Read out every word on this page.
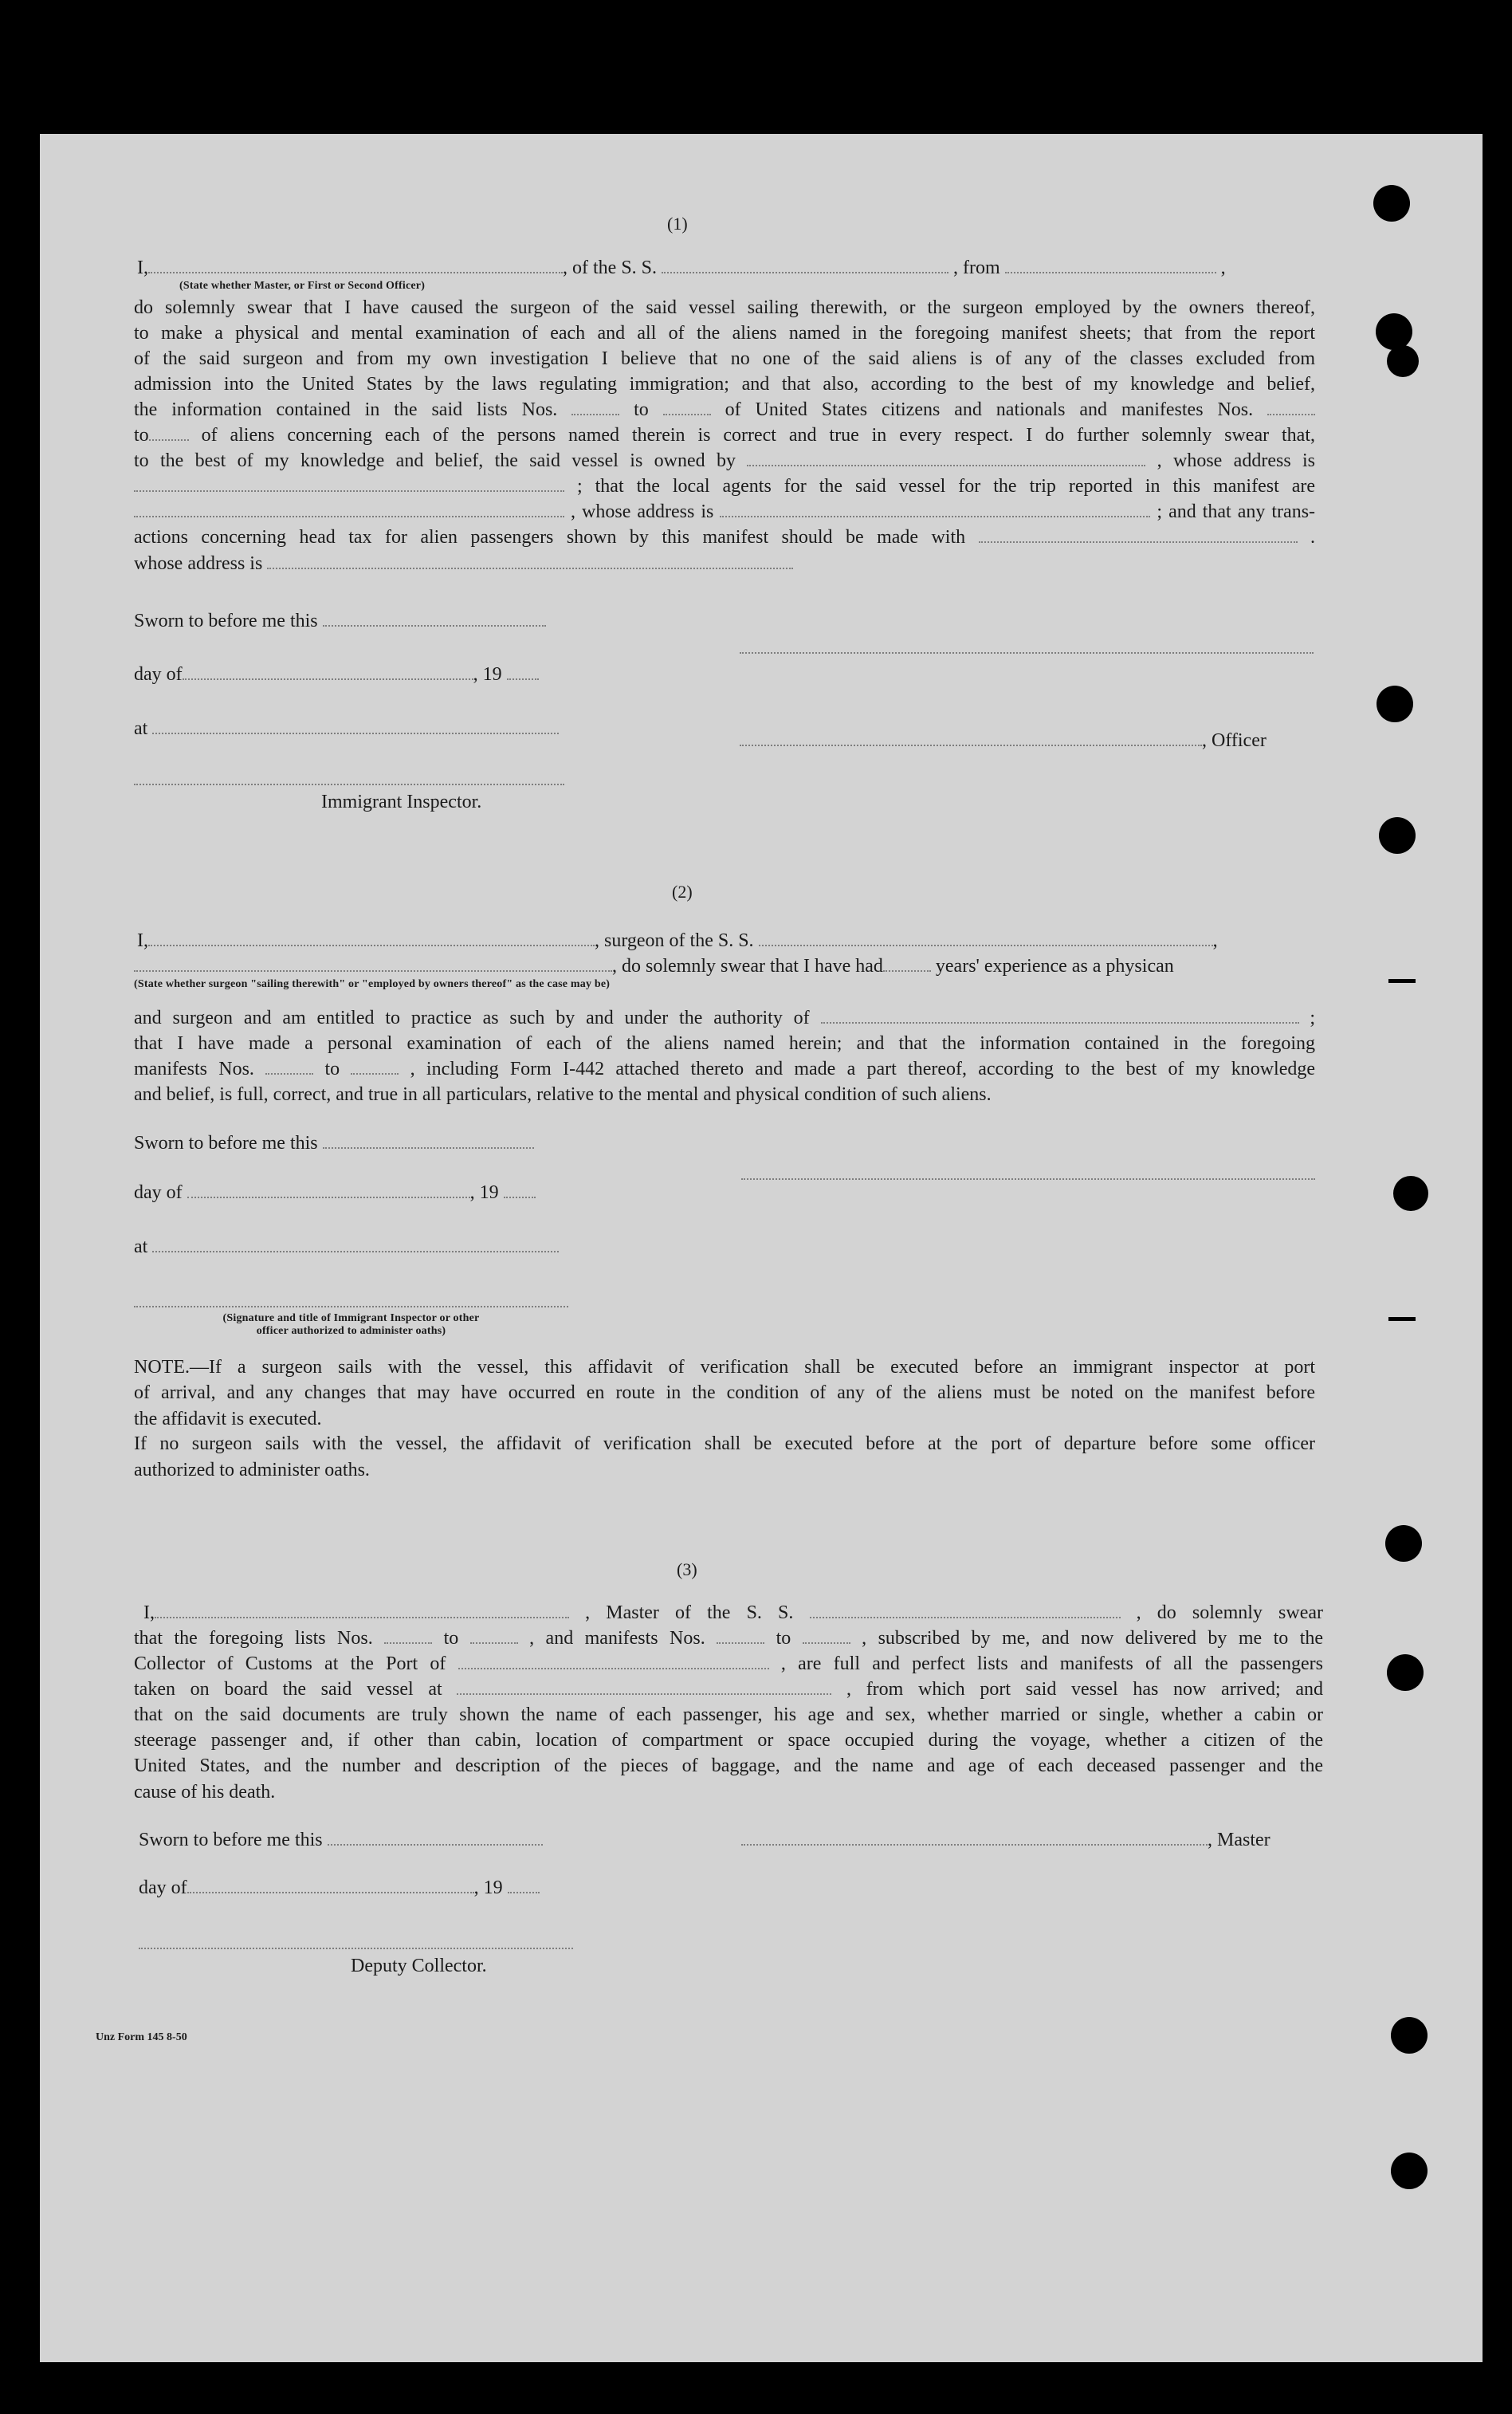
(1)
I,	, of the S. S.	, from	,
(State whether Master, or First or Second Officer)
do solemnly swear that I have caused the surgeon of the said vessel sailing therewith, or the surgeon employed by the owners thereof,
to make a physical and mental examination of each and all of the aliens named in the foregoing manifest sheets; that from the report
of the said surgeon and from my own investigation I believe that no one of the said aliens is of any of the classes excluded from
admission into the United States by the laws regulating immigration; and that also, according to the best of my knowledge and belief,
the information contained in the said lists Nos.	to	of United States citizens and nationals and manifestes Nos.
to	of aliens concerning each of the persons named therein is correct and true in every respect. I do further solemnly swear that,
to the best of my knowledge and belief, the said vessel is owned by	, whose address is
; that the local agents for the said vessel for the trip reported in this manifest are
, whose address is	; and that any trans-
actions concerning head tax for alien passengers shown by this manifest should be made with	.
whose address is
Sworn to before me this
day of	, 19
at
, Officer
Immigrant Inspector.
(2)
I,	, surgeon of the S. S.	,
, do solemnly swear that I have had	years' experience as a physican
(State whether surgeon "sailing therewith" or "employed by owners thereof" as the case may be)
and surgeon and am entitled to practice as such by and under the authority of	;
that I have made a personal examination of each of the aliens named herein; and that the information contained in the foregoing
manifests Nos.	to	, including Form I-442 attached thereto and made a part thereof, according to the best of my knowledge
and belief, is full, correct, and true in all particulars, relative to the mental and physical condition of such aliens.
Sworn to before me this
day of	, 19
at
(Signature and title of Immigrant Inspector or other
officer authorized to administer oaths)
NOTE.—If a surgeon sails with the vessel, this affidavit of verification shall be executed before an immigrant inspector at port
of arrival, and any changes that may have occurred en route in the condition of any of the aliens must be noted on the manifest before
the affidavit is executed.
If no surgeon sails with the vessel, the affidavit of verification shall be executed before at the port of departure before some officer
authorized to administer oaths.
(3)
I,	, Master of the S. S.	, do solemnly swear
that the foregoing lists Nos.	to	, and manifests Nos.	to	, subscribed by me, and now delivered by me to the
Collector of Customs at the Port of	, are full and perfect lists and manifests of all the passengers
taken on board the said vessel at	, from which port said vessel has now arrived; and
that on the said documents are truly shown the name of each passenger, his age and sex, whether married or single, whether a cabin or
steerage passenger and, if other than cabin, location of compartment or space occupied during the voyage, whether a citizen of the
United States, and the number and description of the pieces of baggage, and the name and age of each deceased passenger and the
cause of his death.
Sworn to before me this	, Master
day of	, 19
Deputy Collector.
Unz Form 145 8-50
